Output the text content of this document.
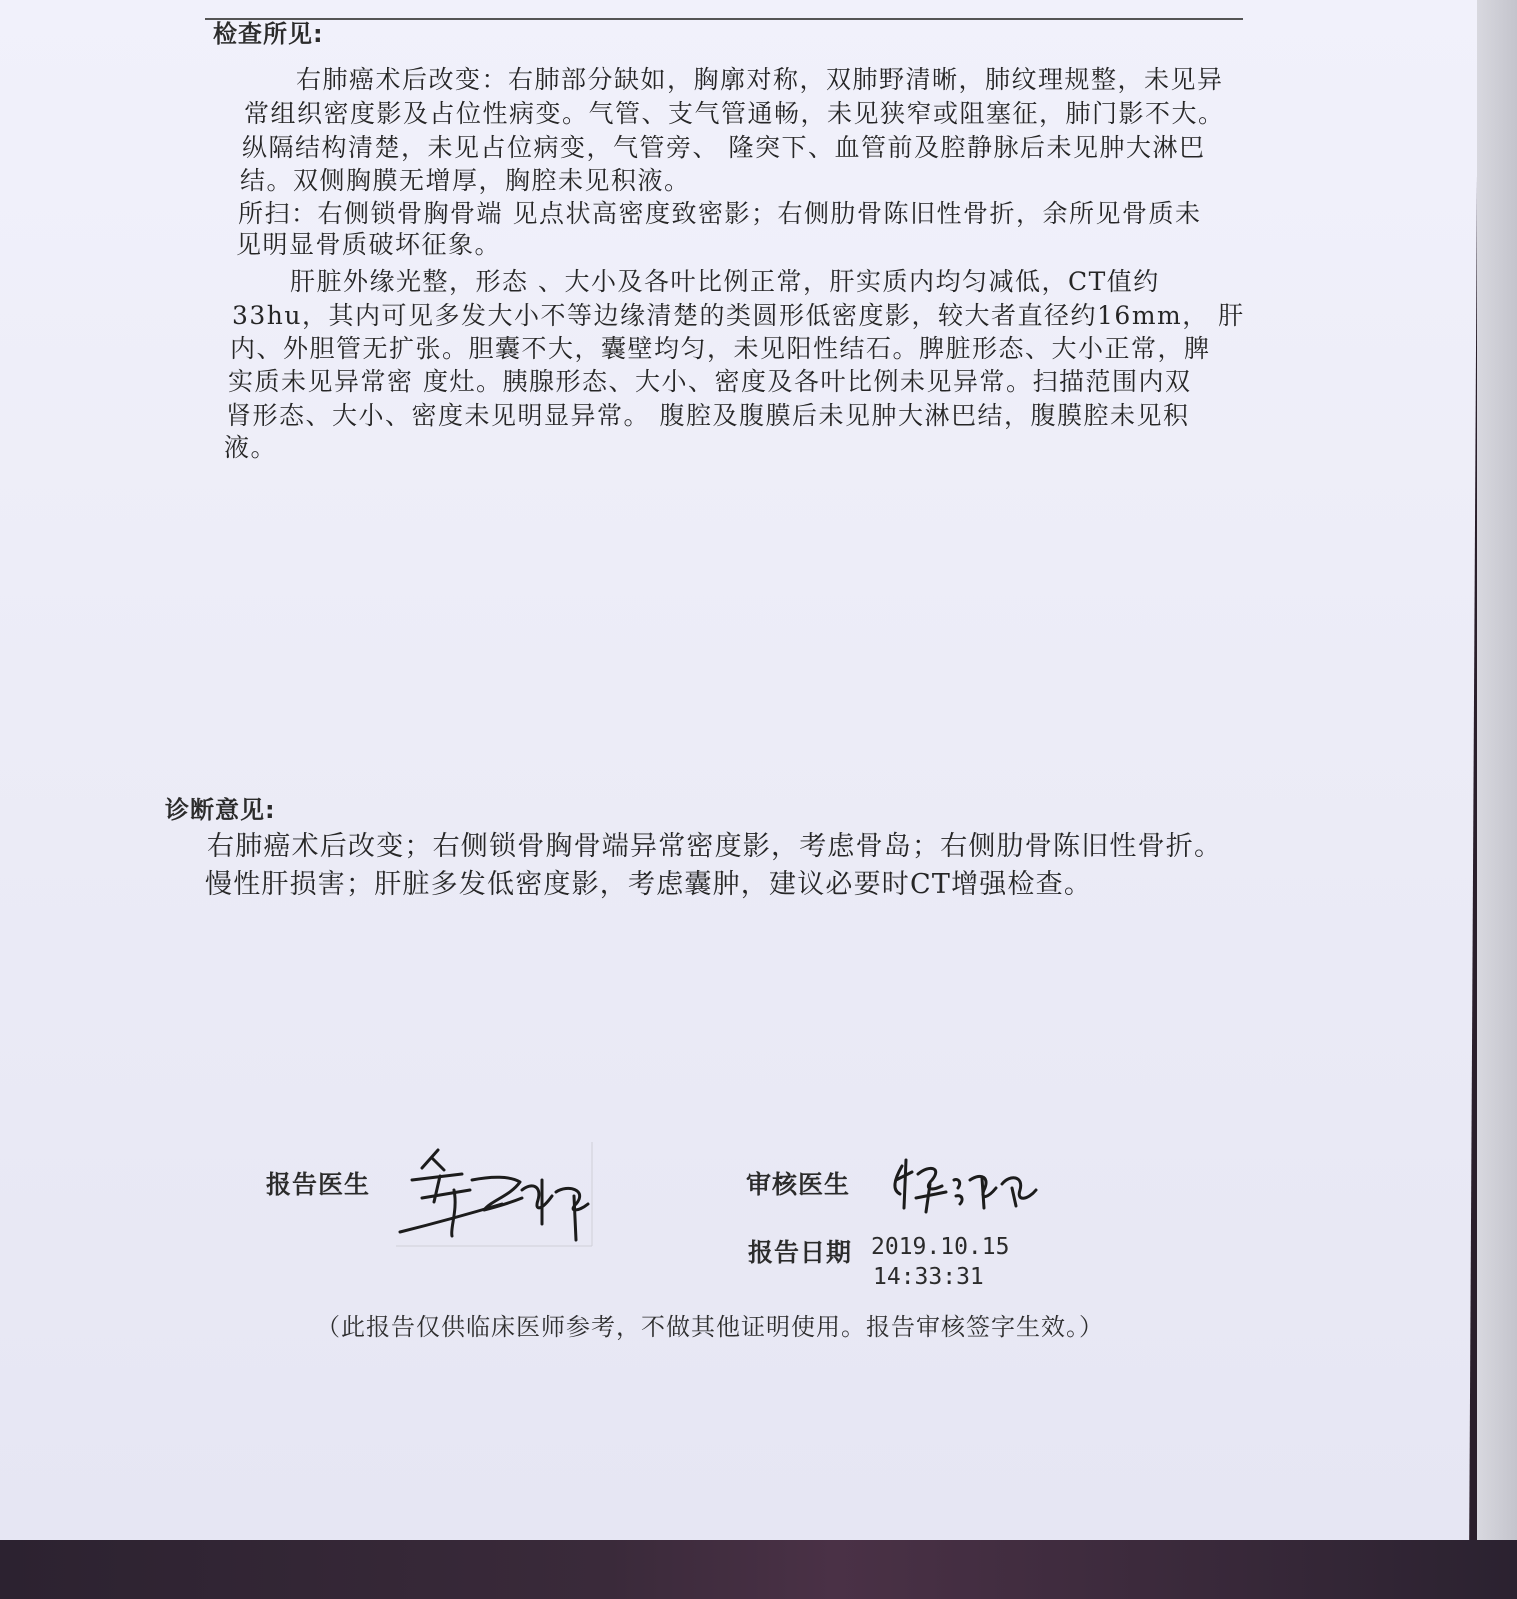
检查所见:
右肺癌术后改变：右肺部分缺如，胸廓对称，双肺野清晰，肺纹理规整，未见异
常组织密度影及占位性病变。气管、支气管通畅，未见狭窄或阻塞征，肺门影不大。
纵隔结构清楚，未见占位病变，气管旁、 隆突下、血管前及腔静脉后未见肿大淋巴
结。双侧胸膜无增厚，胸腔未见积液。
所扫：右侧锁骨胸骨端 见点状高密度致密影；右侧肋骨陈旧性骨折，余所见骨质未
见明显骨质破坏征象。
肝脏外缘光整，形态 、大小及各叶比例正常，肝实质内均匀减低，CT值约
33hu，其内可见多发大小不等边缘清楚的类圆形低密度影，较大者直径约16mm， 肝
内、外胆管无扩张。胆囊不大，囊壁均匀，未见阳性结石。脾脏形态、大小正常，脾
实质未见异常密 度灶。胰腺形态、大小、密度及各叶比例未见异常。扫描范围内双
肾形态、大小、密度未见明显异常。 腹腔及腹膜后未见肿大淋巴结，腹膜腔未见积
液。
诊断意见:
右肺癌术后改变；右侧锁骨胸骨端异常密度影，考虑骨岛；右侧肋骨陈旧性骨折。
慢性肝损害；肝脏多发低密度影，考虑囊肿，建议必要时CT增强检查。
报告医生	审核医生
报告日期 2019.10.15
14:33:31
（此报告仅供临床医师参考，不做其他证明使用。报告审核签字生效。）
